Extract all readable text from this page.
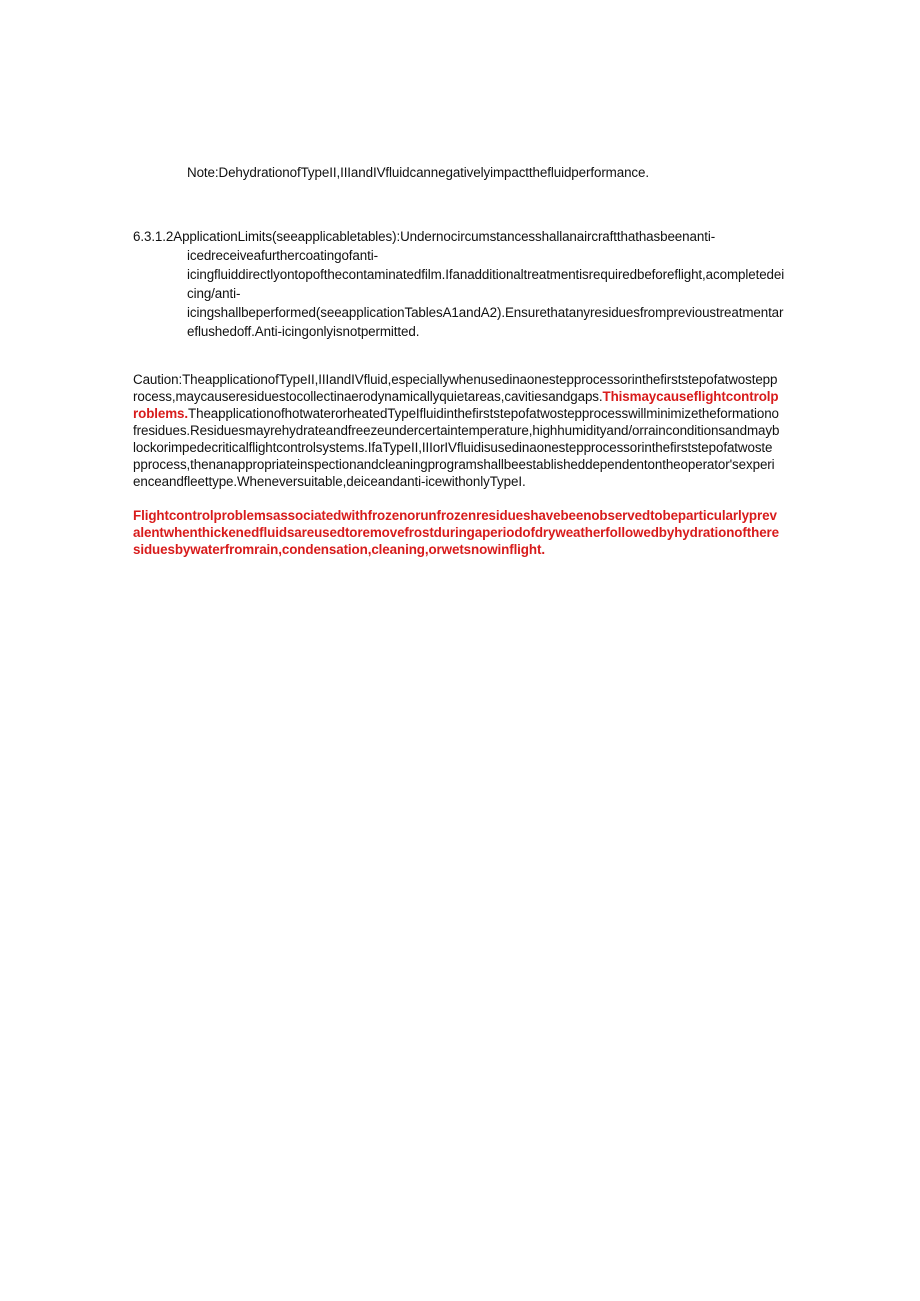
Note:DehydrationofTypeII,IIIandIVfluidcannegativelyimpactthefluidperformance.
6.3.1.2ApplicationLimits(seeapplicabletables):Undernocircumstancesshallanaircraftthathasbeenanti-
icedreceiveafurthercoatingofanti-
icingfluiddirectlyontopofthecontaminatedfilm.Ifanadditionaltreatmentisrequiredbeforeflight,acompletedei
cing/anti-
icingshallbeperformed(seeapplicationTablesA1andA2).Ensurethatanyresiduesfromprevioustreatmentar
eflushedoff.Anti-icingonlyisnotpermitted.
Caution:TheapplicationofTypeII,IIIandIVfluid,especiallywhenusedinaonestepprocessorinthefirststepofatwostepp
rocess,maycauseresiduestocollectinaerodynamicallyquietareas,cavitiesandgaps.Thismaycauseflightcontrolp
roblems.TheapplicationofhotwaterorheatedTypeIfluidinthefirststepofatwostepprocesswillminimizetheformationo
fresidues.Residuesmayrehydrateandfreezeundercertaintemperature,highhumidityand/orrainconditionsandmayb
lockorimpedecriticalflightcontrolsystems.IfaTypeII,IIIorIVfluidisusedinaonestepprocessorinthefirststepofatwoste
pprocess,thenanappropriateinspectionandcleaningprogramshallbeestablisheddependentontheoperator'sexperi
enceandfleettype.Wheneversuitable,deiceandanti-icewithonlyTypeI.
Flightcontrolproblemsassociatedwithfrozenorunfrozenresidueshavebeenobservedtobeparticularlyprev
alentwhenthickenedfluidsareusedtoremovefrostduringaperiodofdryweatherfollowedbyhydrationofthere
siduesbywaterfromrain,condensation,cleaning,orwetsnowinflight.
